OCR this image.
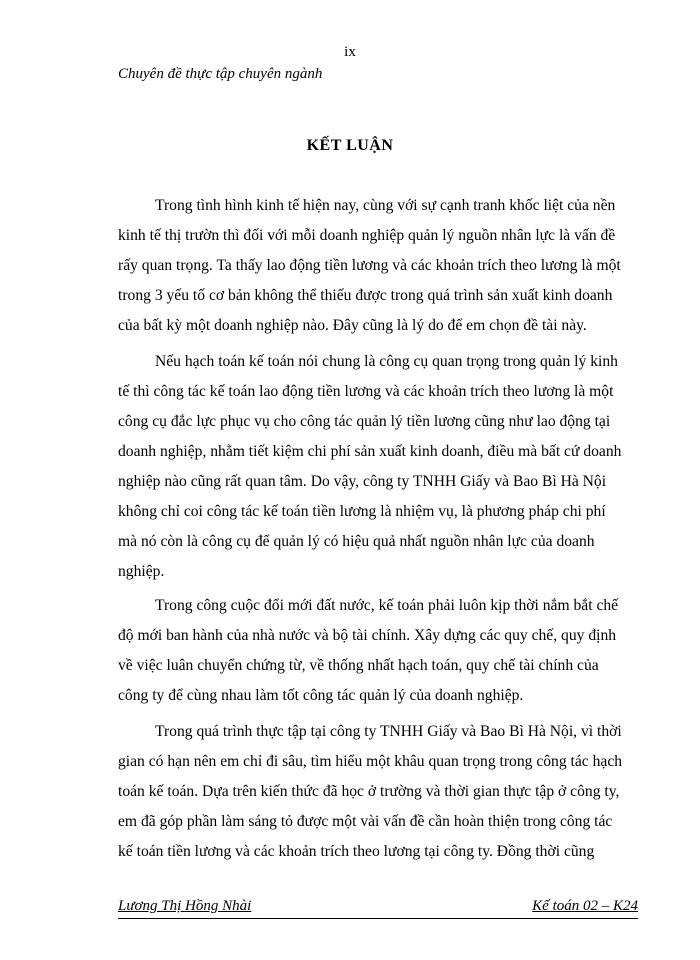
ix
Chuyên đề thực tập chuyên ngành
KẾT LUẬN
Trong tình hình kinh tế hiện nay, cùng với sự cạnh tranh khốc liệt của nền
kinh tế thị trườn thì đối với mỗi doanh nghiệp quản lý nguồn nhân lực là vấn đề
rấy quan trọng. Ta thấy lao động tiền lương và các khoản trích theo lương là một
trong 3 yếu tố cơ bản không thể thiếu được trong quá trình sản xuất kinh doanh
của bất kỳ một doanh nghiệp nào. Đây cũng là lý do để em chọn đề tài này.
Nếu hạch toán kế toán nói chung là công cụ quan trọng trong quản lý kinh
tế thì công tác kế toán lao động tiền lương và các khoản trích theo lương là một
công cụ đắc lực phục vụ cho công tác quản lý tiền lương cũng như lao động tại
doanh nghiệp, nhằm tiết kiệm chi phí sản xuất kinh doanh, điều mà bất cứ doanh
nghiệp nào cũng rất quan tâm. Do vậy, công ty TNHH Giấy và Bao Bì Hà Nội
không chỉ coi công tác kế toán tiền lương là nhiệm vụ, là phương pháp chi phí
mà nó còn là công cụ để quản lý có hiệu quả nhất nguồn nhân lực của doanh
nghiệp.
Trong công cuộc đổi mới đất nước, kế toán phải luôn kịp thời nắm bắt chế
độ mới ban hành của nhà nước và bộ tài chính. Xây dựng các quy chế, quy định
về việc luân chuyển chứng từ, về thống nhất hạch toán, quy chế tài chính của
công ty để cùng nhau làm tốt công tác quản lý của doanh nghiệp.
Trong quá trình thực tập tại công ty TNHH Giấy và Bao Bì Hà Nội, vì thời
gian có hạn nên em chỉ đi sâu, tìm hiểu một khâu quan trọng trong công tác hạch
toán kế toán. Dựa trên kiến thức đã học ở trường và thời gian thực tập ở công ty,
em đã góp phần làm sáng tỏ được một vài vấn đề cần hoàn thiện trong công tác
kế toán tiền lương và các khoản trích theo lương tại công ty. Đồng thời cũng
Lương Thị Hồng Nhài	Kế toán 02 – K24
